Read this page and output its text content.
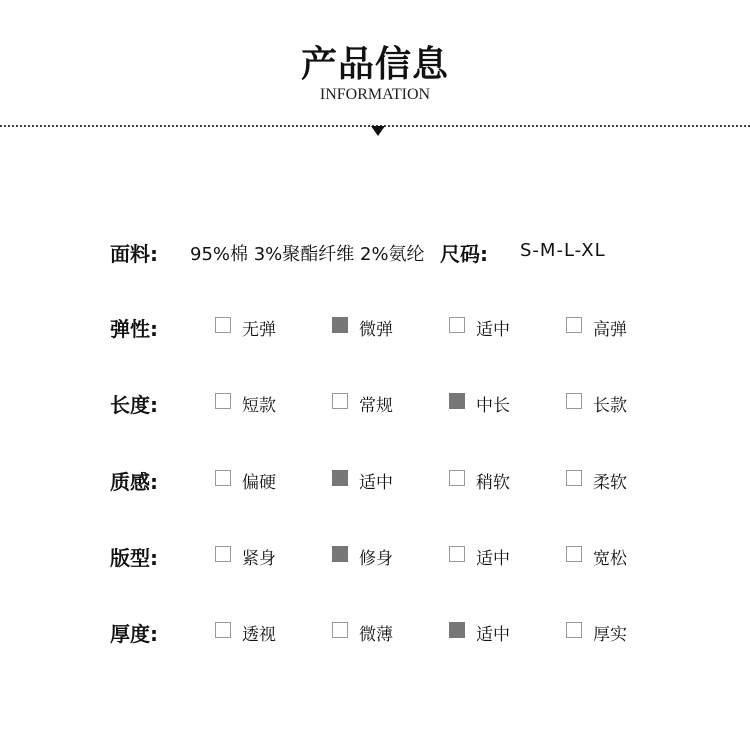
产品信息
INFORMATION
面料: 95%棉 3%聚酯纤维 2%氨纶 尺码: S-M-L-XL
弹性:	无弹	微弹	适中	高弹
长度:	短款	常规	中长	长款
质感:	偏硬	适中	稍软	柔软
版型:	紧身	修身	适中	宽松
厚度:	透视	微薄	适中	厚实
